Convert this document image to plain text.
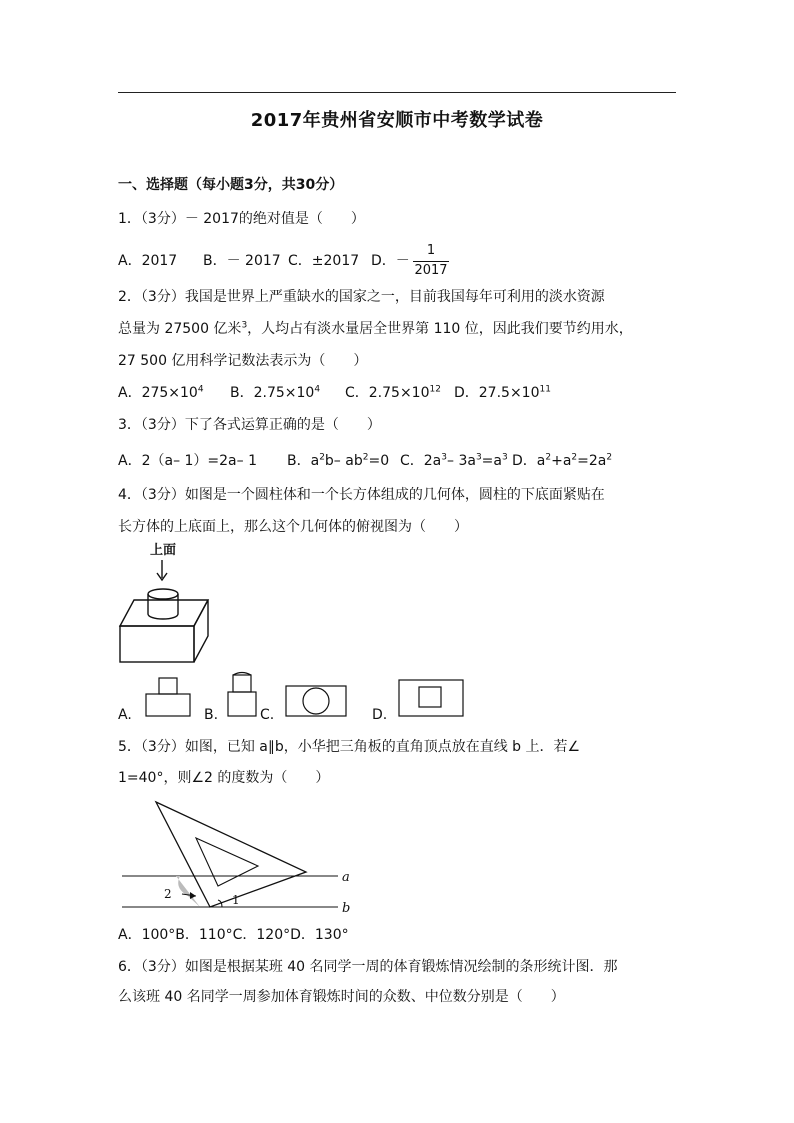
2017年贵州省安顺市中考数学试卷
一、选择题（每小题3分，共30分）
1．（3分）－ 2017的绝对值是（　　）
A．2017 B．－ 2017 C．±2017 D．－
1
2017
2．（3分）我国是世界上严重缺水的国家之一，目前我国每年可利用的淡水资源
总量为 27500 亿米$^3$，人均占有淡水量居全世界第 110 位，因此我们要节约用水，
27 500 亿用科学记数法表示为（　　）
A．$275\times 10^4$ B．$2.75\times 10^4$ C．$2.75\times 10^{12}$ D．$27.5\times 10^{11}$
3．（3分）下了各式运算正确的是（　　）
A．2（a– 1）=2a– 1 B．$a^2b-$ $ab^2=0$ C．$2a^3-$ $3a^3=a^3$ D．$a^2+a^2=2a^2$
4．（3分）如图是一个圆柱体和一个长方体组成的几何体，圆柱的下底面紧贴在
长方体的上底面上，那么这个几何体的俯视图为（　　）
上面
A.	B.	C.	D.
5．（3分）如图，已知 a∥b，小华把三角板的直角顶点放在直线 b 上．若∠
1=40°，则∠2 的度数为（　　）
a
b
1
2
A．100°B．110°C．120°D．130°
6．（3分）如图是根据某班 40 名同学一周的体育锻炼情况绘制的条形统计图．那
么该班 40 名同学一周参加体育锻炼时间的众数、中位数分别是（　　）
